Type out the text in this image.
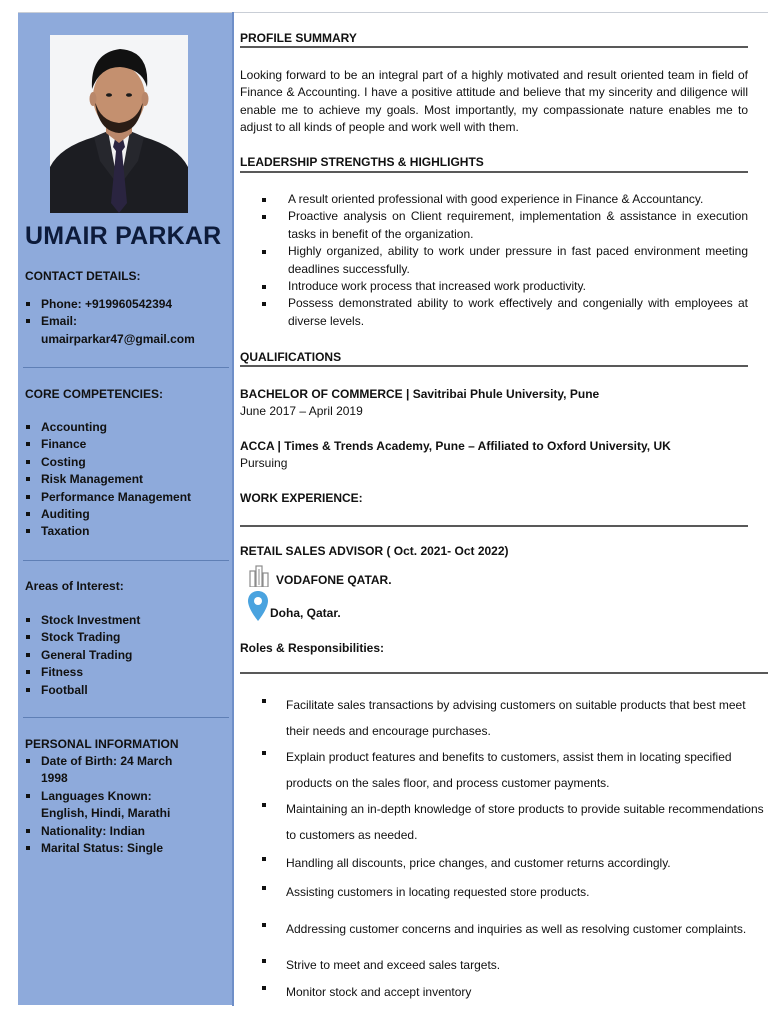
UMAIR PARKAR
CONTACT DETAILS:
Phone: +919960542394
Email:
umairparkar47@gmail.com
CORE COMPETENCIES:
Accounting
Finance
Costing
Risk Management
Performance Management
Auditing
Taxation
Areas of Interest:
Stock Investment
Stock Trading
General Trading
Fitness
Football
PERSONAL INFORMATION
Date of Birth: 24 March 1998
Languages Known: English, Hindi, Marathi
Nationality: Indian
Marital Status: Single
PROFILE SUMMARY

Looking forward to be an integral part of a highly motivated and result oriented team in field of Finance & Accounting. I have a positive attitude and believe that my sincerity and diligence will enable me to achieve my goals. Most importantly, my compassionate nature enables me to adjust to all kinds of people and work well with them.

LEADERSHIP STRENGTHS & HIGHLIGHTS
A result oriented professional with good experience in Finance & Accountancy.
Proactive analysis on Client requirement, implementation & assistance in execution tasks in benefit of the organization.
Highly organized, ability to work under pressure in fast paced environment meeting deadlines successfully.
Introduce work process that increased work productivity.
Possess demonstrated ability to work effectively and congenially with employees at diverse levels.
QUALIFICATIONS

BACHELOR OF COMMERCE | Savitribai Phule University, Pune

June 2017 – April 2019

ACCA | Times & Trends Academy, Pune – Affiliated to Oxford University, UK

Pursuing

WORK EXPERIENCE:

RETAIL SALES ADVISOR ( Oct. 2021- Oct 2022)

VODAFONE QATAR.

Doha, Qatar.

Roles & Responsibilities:

Facilitate sales transactions by advising customers on suitable products that best meet their needs and encourage purchases.
Explain product features and benefits to customers, assist them in locating specified products on the sales floor, and process customer payments.
Maintaining an in-depth knowledge of store products to provide suitable recommendations to customers as needed.
Handling all discounts, price changes, and customer returns accordingly.
Assisting customers in locating requested store products.
Addressing customer concerns and inquiries as well as resolving customer complaints.
Strive to meet and exceed sales targets.
Monitor stock and accept inventory
